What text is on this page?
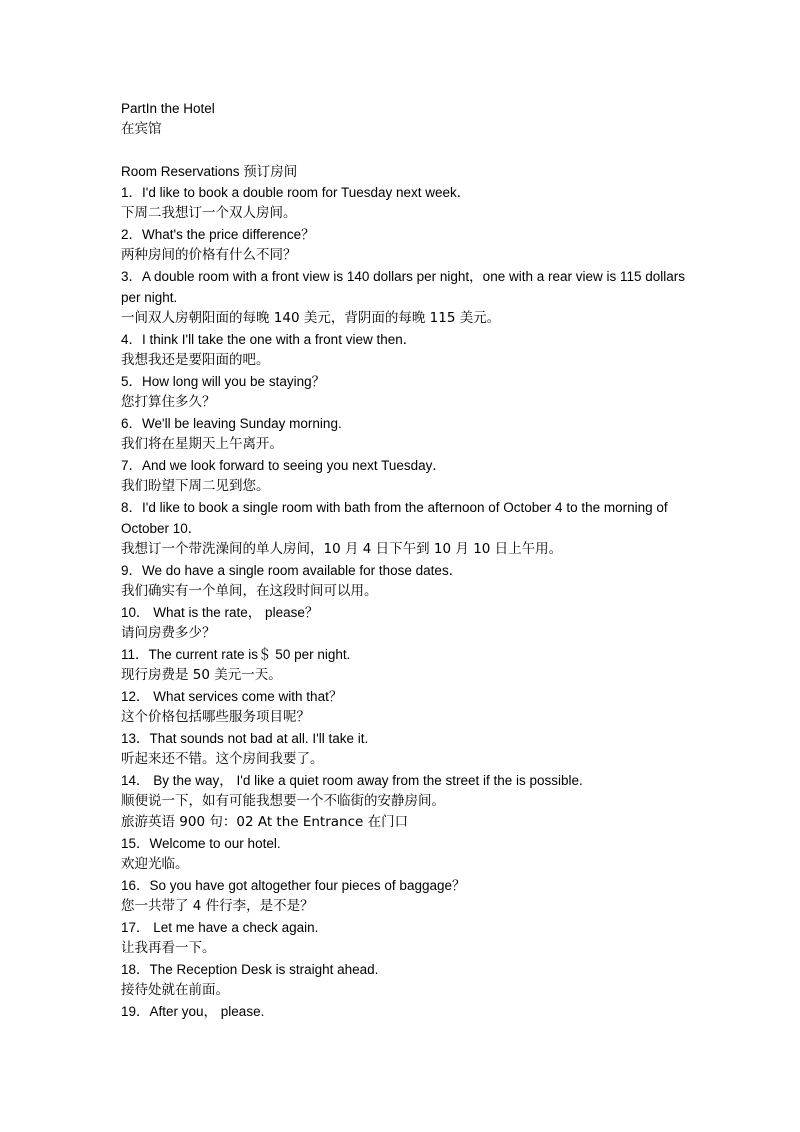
PartIn the Hotel
在宾馆
Room Reservations 预订房间
1．I'd like to book a double room for Tuesday next week．
下周二我想订一个双人房间。
2．What's the price difference？
两种房间的价格有什么不同？
3．A double room with a front view is 140 dollars per night，one with a rear view is 115 dollars per night.
一间双人房朝阳面的每晚 140 美元，背阴面的每晚 115 美元。
4．I think I'll take the one with a front view then．
我想我还是要阳面的吧。
5．How long will you be staying？
您打算住多久？
6．We'll be leaving Sunday morning.
我们将在星期天上午离开。
7．And we look forward to seeing you next Tuesday．
我们盼望下周二见到您。
8．I'd like to book a single room with bath from the afternoon of October 4 to the morning of October 10．
我想订一个带洗澡间的单人房间，10 月 4 日下午到 10 月 10 日上午用。
9．We do have a single room available for those dates．
我们确实有一个单间，在这段时间可以用。
10． What is the rate， please？
请问房费多少？
11．The current rate is＄ 50 per night.
现行房费是 50 美元一天。
12． What services come with that？
这个价格包括哪些服务项目呢？
13．That sounds not bad at all. I'll take it.
听起来还不错。这个房间我要了。
14． By the way， I'd like a quiet room away from the street if the is possible.
顺便说一下，如有可能我想要一个不临街的安静房间。
旅游英语 900 句：02 At the Entrance 在门口
15．Welcome to our hotel.
欢迎光临。
16．So you have got altogether four pieces of baggage？
您一共带了 4 件行李，是不是？
17． Let me have a check again.
让我再看一下。
18．The Reception Desk is straight ahead.
接待处就在前面。
19．After you， please.
